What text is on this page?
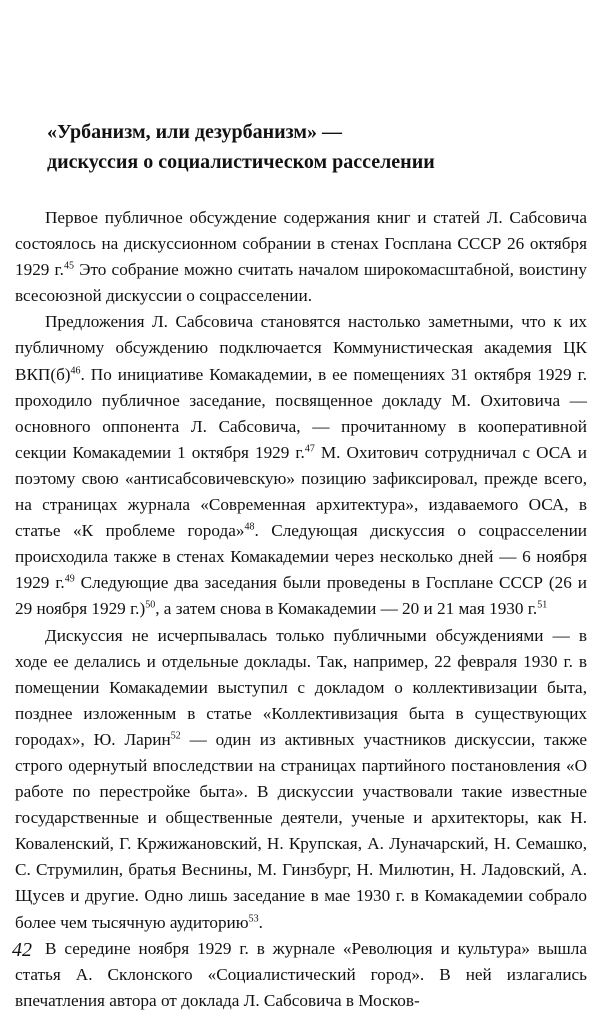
«Урбанизм, или дезурбанизм» —
дискуссия о социалистическом расселении

Первое публичное обсуждение содержания книг и статей Л. Сабсовича состоялось на дискуссионном собрании в стенах Госплана СССР 26 октября 1929 г.$^{45}$ Это собрание можно считать началом широкомасштабной, воистину всесоюзной дискуссии о соцрасселении.

Предложения Л. Сабсовича становятся настолько заметными, что к их публичному обсуждению подключается Коммунистическая академия ЦК ВКП(б)$^{46}$. По инициативе Комакадемии, в ее помещениях 31 октября 1929 г. проходило публичное заседание, посвященное докладу М. Охитовича — основного оппонента Л. Сабсовича, — прочитанному в кооперативной секции Комакадемии 1 октября 1929 г.$^{47}$ М. Охитович сотрудничал с ОСА и поэтому свою «антисабсовичевскую» позицию зафиксировал, прежде всего, на страницах журнала «Современная архитектура», издаваемого ОСА, в статье «К проблеме города»$^{48}$. Следующая дискуссия о соцрасселении происходила также в стенах Комакадемии через несколько дней — 6 ноября 1929 г.$^{49}$ Следующие два заседания были проведены в Госплане СССР (26 и 29 ноября 1929 г.)$^{50}$, а затем снова в Комакадемии — 20 и 21 мая 1930 г.$^{51}$

Дискуссия не исчерпывалась только публичными обсуждениями — в ходе ее делались и отдельные доклады. Так, например, 22 февраля 1930 г. в помещении Комакадемии выступил с докладом о коллективизации быта, позднее изложенным в статье «Коллективизация быта в существующих городах», Ю. Ларин$^{52}$ — один из активных участников дискуссии, также строго одернутый впоследствии на страницах партийного постановления «О работе по перестройке быта». В дискуссии участвовали такие известные государственные и общественные деятели, ученые и архитекторы, как Н. Коваленский, Г. Кржижановский, Н. Крупская, А. Луначарский, Н. Семашко, С. Струмилин, братья Веснины, М. Гинзбург, Н. Милютин, Н. Ладовский, А. Щусев и другие. Одно лишь заседание в мае 1930 г. в Комакадемии собрало более чем тысячную аудиторию$^{53}$.

В середине ноября 1929 г. в журнале «Революция и культура» вышла статья А. Склонского «Социалистический город». В ней излагались впечатления автора от доклада Л. Сабсовича в Москов-

42
